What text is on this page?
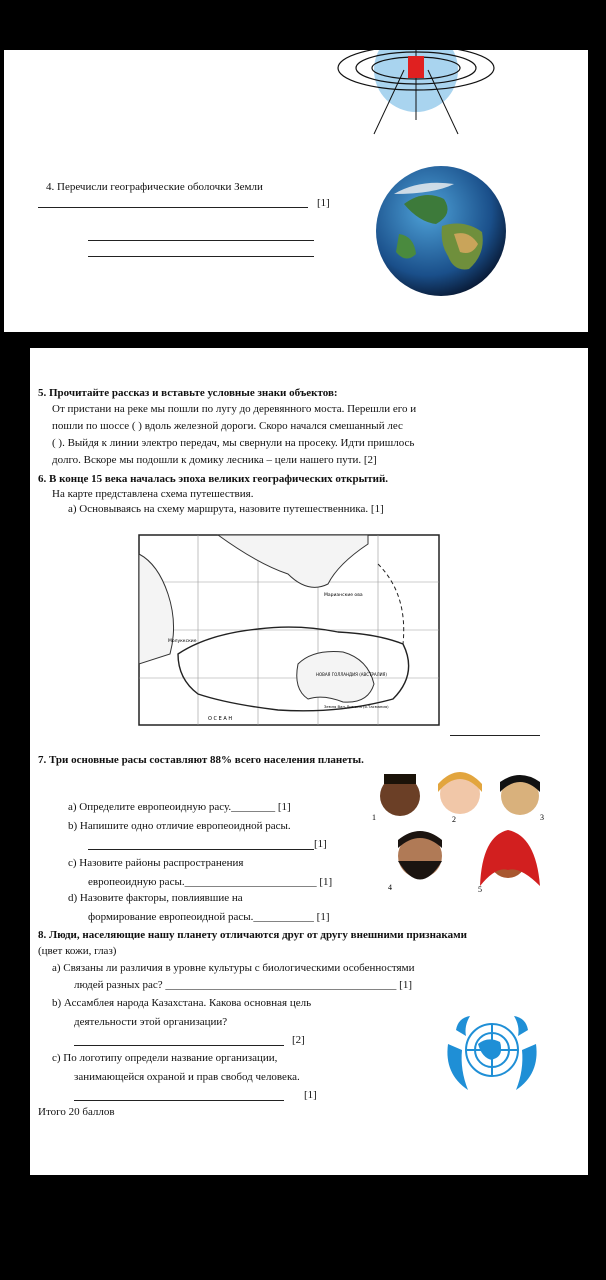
4. Перечисли географические оболочки Земли
[1]
5. Прочитайте рассказ и вставьте условные знаки объектов:
От пристани на реке мы пошли по лугу до деревянного моста. Перешли его и
пошли по шоссе ( ) вдоль железной дороги. Скоро начался смешанный лес
( ). Выйдя к линии электро передач, мы свернули на просеку. Идти пришлось
долго. Вскоре мы подошли к домику лесника – цели нашего пути. [2]
6. В конце 15 века началась эпоха великих географических открытий.
На карте представлена схема путешествия.
а) Основываясь на схему маршрута, назовите путешественника. [1]
Марианские ова
Молуккские
НОВАЯ ГОЛЛАНДИЯ (АВСТРАЛИЯ)
Земля Ван-Димена (о.Тасмания)
О С Е А Н
7. Три основные расы составляют 88% всего населения планеты.
a) Определите европеоидную расу.________ [1]
b) Напишите одно отличие европеоидной расы.
[1]
c) Назовите районы распространения
европеоидную расы.________________________ [1]
d) Назовите факторы, повлиявшие на
формирование европеоидной расы.___________ [1]
1	2	3
4	5
8. Люди, населяющие нашу планету отличаются друг от другу внешними признаками
(цвет кожи, глаз)
а) Связаны ли различия в уровне культуры с биологическими особенностями
людей разных рас? __________________________________________ [1]
b) Ассамблея народа Казахстана. Какова основная цель
деятельности этой организации?
[2]
c) По логотипу определи название организации,
занимающейся охраной и прав свобод человека.
[1]
Итого 20 баллов
